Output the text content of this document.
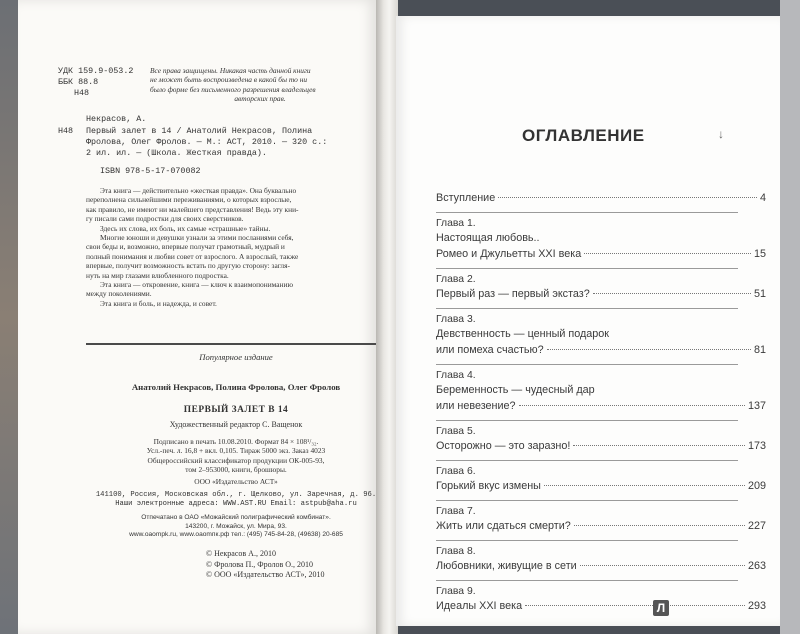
УДК 159.9-053.2
ББК 88.8
Н48
Все права защищены. Никакая часть данной книги
не может быть воспроизведена в какой бы то ни
было форме без письменного разрешения владельцев
авторских прав.
Некрасов, А.
Н48 Первый залет в 14 / Анатолий Некрасов, Полина
Фролова, Олег Фролов. — М.: АСТ, 2010. — 320 с.:
2 ил. ил. — (Школа. Жесткая правда).
ISBN 978-5-17-070082
Эта книга — действительно «жесткая правда». Она буквально
переполнена сильнейшими переживаниями, о которых взрослые,
как правило, не имеют ни малейшего представления! Ведь эту кни-
гу писали сами подростки для своих сверстников.
Здесь их слова, их боль, их самые «страшные» тайны.
Многие юноши и девушки узнали за этими посланиями себя,
свои беды и, возможно, впервые получат грамотный, мудрый и
полный понимания и любви совет от взрослого. А взрослый, также
впервые, получит возможность встать по другую сторону: загля-
нуть на мир глазами влюбленного подростка.
Эта книга — откровение, книга — ключ к взаимопониманию
между поколениями.
Эта книга и боль, и надежда, и совет.
Популярное издание
Анатолий Некрасов, Полина Фролова, Олег Фролов
ПЕРВЫЙ ЗАЛЕТ В 14
Художественный редактор С. Ващенок
Подписано в печать 10.08.2010. Формат 84 × 108¹/₃₂.
Усл.-печ. л. 16,8 + вкл. 0,105. Тираж 5000 экз. Заказ 4023
Общероссийский классификатор продукции ОК-005-93,
том 2–953000, книги, брошюры.
ООО «Издательство АСТ»
141100, Россия, Московская обл., г. Щелково, ул. Заречная, д. 96.
Наши электронные адреса: WWW.AST.RU Email: astpub@aha.ru
Отпечатано в ОАО «Можайский полиграфический комбинат».
143200, г. Можайск, ул. Мира, 93.
www.oaompk.ru, www.oaomпк.рф тел.: (495) 745-84-28, (49638) 20-685
© Некрасов А., 2010
© Фролова П., Фролов О., 2010
© ООО «Издательство АСТ», 2010
ОГЛАВЛЕНИЕ	↓
Вступление	4
Глава 1.
Настоящая любовь..
Ромео и Джульетты XXI века	15
Глава 2.
Первый раз — первый экстаз?	51
Глава 3.
Девственность — ценный подарок
или помеха счастью?	81
Глава 4.
Беременность — чудесный дар
или невезение?	137
Глава 5.
Осторожно — это заразно!	173
Глава 6.
Горький вкус измены	209
Глава 7.
Жить или сдаться смерти?	227
Глава 8.
Любовники, живущие в сети	263
Глава 9.
Идеалы XXI века	293
Л
